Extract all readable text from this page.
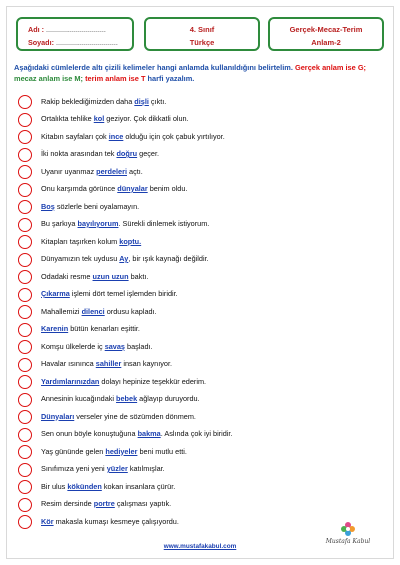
Adı : ..............................
Soyadı: ...............................
4. Sınıf
Türkçe
Gerçek-Mecaz-Terim
Anlam-2
Aşağıdaki cümlelerde altı çizili kelimeler hangi anlamda kullanıldığını belirtelim. Gerçek anlam ise G; mecaz anlam ise M; terim anlam ise T harfi yazalım.
Rakip beklediğimizden daha dişli çıktı.
Ortalıkta tehlike kol geziyor. Çok dikkatli olun.
Kitabın sayfaları çok ince olduğu için çok çabuk yırtılıyor.
İki nokta arasından tek doğru geçer.
Uyanır uyanmaz perdeleri açtı.
Onu karşımda görünce dünyalar benim oldu.
Boş sözlerle beni oyalamayın.
Bu şarkıya bayılıyorum. Sürekli dinlemek istiyorum.
Kitapları taşırken kolum koptu.
Dünyamızın tek uydusu Ay, bir ışık kaynağı değildir.
Odadaki resme uzun uzun baktı.
Çıkarma işlemi dört temel işlemden biridir.
Mahallemizi dilenci ordusu kapladı.
Karenin bütün kenarları eşittir.
Komşu ülkelerde iç savaş başladı.
Havalar ısınınca sahiller insan kaynıyor.
Yardımlarınızdan dolayı hepinize teşekkür ederim.
Annesinin kucağındaki bebek ağlayıp duruyordu.
Dünyaları verseler yine de sözümden dönmem.
Sen onun böyle konuştuğuna bakma. Aslında çok iyi biridir.
Yaş gününde gelen hediyeler beni mutlu etti.
Sınıfımıza yeni yeni yüzler katılmışlar.
Bir ulus kökünden kokan insanlara çürür.
Resim dersinde portre çalışması yaptık.
Kör makasla kumaşı kesmeye çalışıyordu.
www.mustafakabul.com
Mustafa Kabul
